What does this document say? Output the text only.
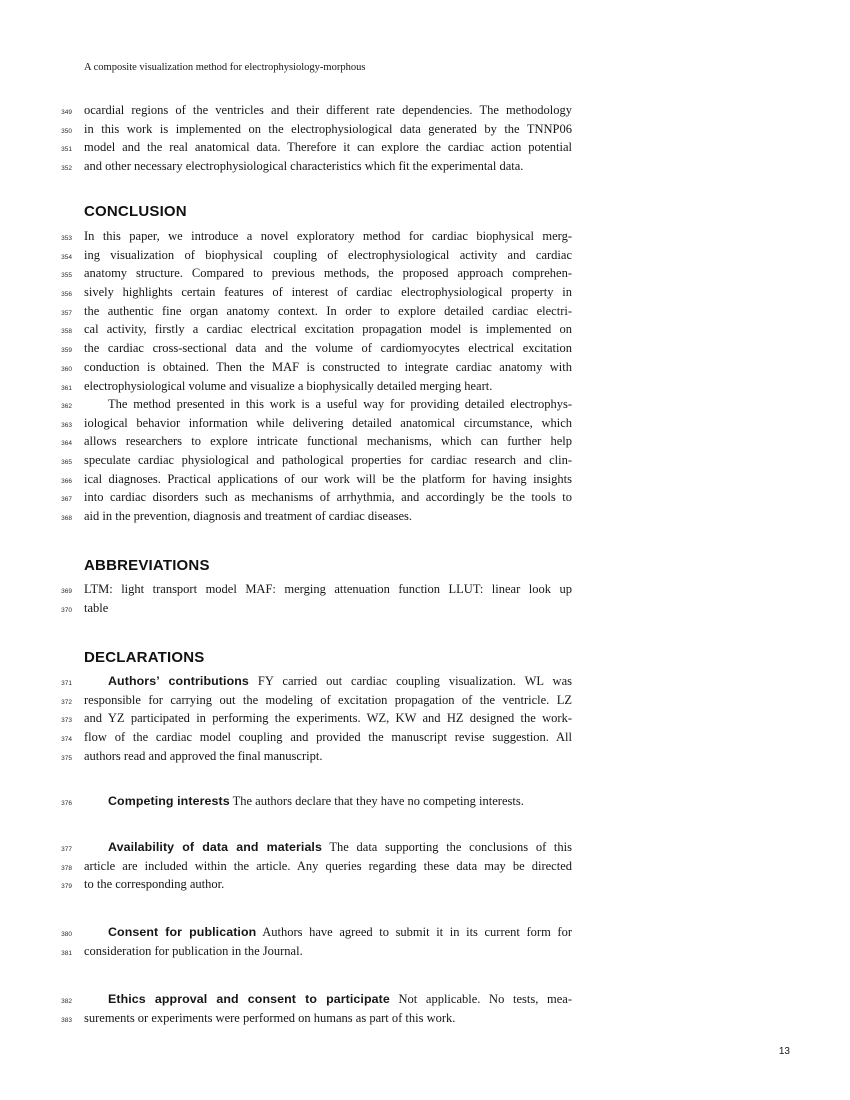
A composite visualization method for electrophysiology-morphous
CONCLUSION
ABBREVIATIONS
DECLARATIONS
349 ocardial regions of the ventricles and their different rate dependencies. The methodology
350 in this work is implemented on the electrophysiological data generated by the TNNP06
351 model and the real anatomical data. Therefore it can explore the cardiac action potential
352 and other necessary electrophysiological characteristics which fit the experimental data.
353 In this paper, we introduce a novel exploratory method for cardiac biophysical merg-
354 ing visualization of biophysical coupling of electrophysiological activity and cardiac
355 anatomy structure. Compared to previous methods, the proposed approach comprehen-
356 sively highlights certain features of interest of cardiac electrophysiological property in
357 the authentic fine organ anatomy context. In order to explore detailed cardiac electri-
358 cal activity, firstly a cardiac electrical excitation propagation model is implemented on
359 the cardiac cross-sectional data and the volume of cardiomyocytes electrical excitation
360 conduction is obtained. Then the MAF is constructed to integrate cardiac anatomy with
361 electrophysiological volume and visualize a biophysically detailed merging heart.
362	The method presented in this work is a useful way for providing detailed electrophys-
363 iological behavior information while delivering detailed anatomical circumstance, which
364 allows researchers to explore intricate functional mechanisms, which can further help
365 speculate cardiac physiological and pathological properties for cardiac research and clin-
366 ical diagnoses. Practical applications of our work will be the platform for having insights
367 into cardiac disorders such as mechanisms of arrhythmia, and accordingly be the tools to
368 aid in the prevention, diagnosis and treatment of cardiac diseases.
369 LTM: light transport model MAF: merging attenuation function LLUT: linear look up
370 table
371	Authors’ contributions FY carried out cardiac coupling visualization. WL was
372 responsible for carrying out the modeling of excitation propagation of the ventricle. LZ
373 and YZ participated in performing the experiments. WZ, KW and HZ designed the work-
374 flow of the cardiac model coupling and provided the manuscript revise suggestion. All
375 authors read and approved the final manuscript.
376	Competing interests The authors declare that they have no competing interests.
377	Availability of data and materials The data supporting the conclusions of this
378 article are included within the article. Any queries regarding these data may be directed
379 to the corresponding author.
380	Consent for publication Authors have agreed to submit it in its current form for
381 consideration for publication in the Journal.
382	Ethics approval and consent to participate Not applicable. No tests, mea-
383 surements or experiments were performed on humans as part of this work.
13
